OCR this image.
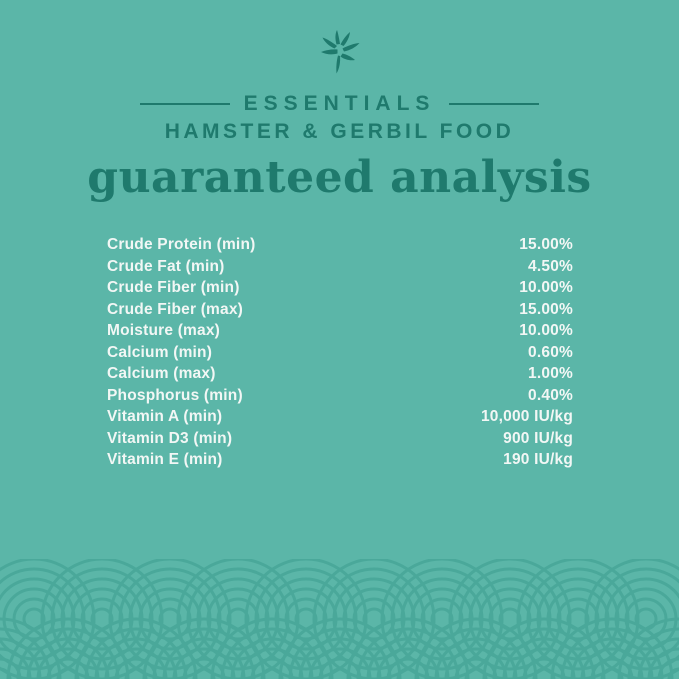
ESSENTIALS
HAMSTER & GERBIL FOOD
guaranteed analysis
Crude Protein (min)	15.00%
Crude Fat (min)	4.50%
Crude Fiber (min)	10.00%
Crude Fiber (max)	15.00%
Moisture (max)	10.00%
Calcium (min)	0.60%
Calcium (max)	1.00%
Phosphorus (min)	0.40%
Vitamin A (min)	10,000 IU/kg
Vitamin D3 (min)	900 IU/kg
Vitamin E (min)	190 IU/kg
